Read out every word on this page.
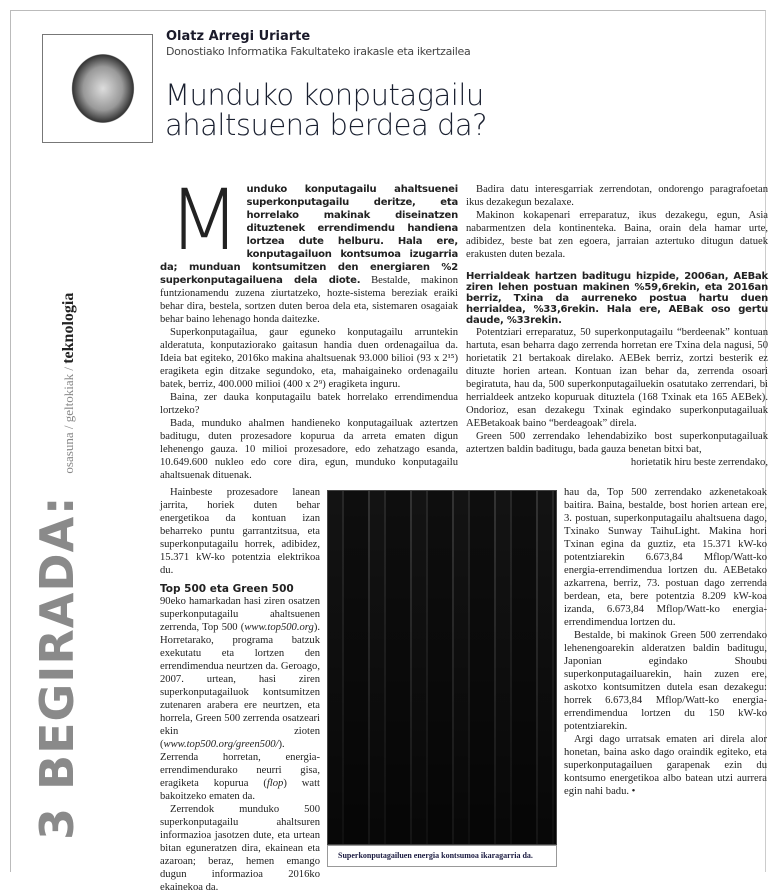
Olatz Arregi Uriarte
Donostiako Informatika Fakultateko irakasle eta ikertzailea
Munduko konputagailu
ahaltsuena berdea da?
3 BEGIRADA:
osasuna / geltokiak / teknologia

Munduko konputagailu ahaltsuenei superkonputagailu deritze, eta horrelako makinak diseinatzen dituztenek errendimendu handiena lortzea dute helburu. Hala ere, konputagailuon kontsumoa izugarria da; munduan kontsumitzen den energiaren %2 superkonputagailuena dela diote. Bestalde, makinon funtzionamendu zuzena ziurtatzeko, hozte-sistema bereziak eraiki behar dira, bestela, sortzen duten beroa dela eta, sistemaren osagaiak behar baino lehenago honda daitezke.

Superkonputagailua, gaur eguneko konputagailu arruntekin alderatuta, konputaziorako gaitasun handia duen ordenagailua da. Ideia bat egiteko, 2016ko makina ahaltsuenak 93.000 bilioi (93 x 2¹⁵) eragiketa egin ditzake segundoko, eta, mahaigaineko ordenagailu batek, berriz, 400.000 milioi (400 x 2⁹) eragiketa inguru.

Baina, zer dauka konputagailu batek horrelako errendimendua lortzeko?

Bada, munduko ahalmen handieneko konputagailuak aztertzen baditugu, duten prozesadore kopurua da arreta ematen digun lehenengo gauza. 10 milioi prozesadore, edo zehatzago esanda, 10.649.600 nukleo edo core dira, egun, munduko konputagailu ahaltsuenak dituenak.

Badira datu interesgarriak zerrendotan, ondorengo paragrafoetan ikus dezakegun bezalaxe.

Makinon kokapenari erreparatuz, ikus dezakegu, egun, Asia nabarmentzen dela kontinenteka. Baina, orain dela hamar urte, adibidez, beste bat zen egoera, jarraian aztertuko ditugun datuek erakusten duten bezala.

Herrialdeak hartzen baditugu hizpide, 2006an, AEBak ziren lehen postuan makinen %59,6rekin, eta 2016an berriz, Txina da aurreneko postua hartu duen herrialdea, %33,6rekin. Hala ere, AEBak oso gertu daude, %33rekin.

Potentziari erreparatuz, 50 superkonputagailu “berdeenak” kontuan hartuta, esan beharra dago zerrenda horretan ere Txina dela nagusi, 50 horietatik 21 bertakoak direlako. AEBek berriz, zortzi besterik ez dituzte horien artean. Kontuan izan behar da, zerrenda osoari begiratuta, hau da, 500 superkonputagailuekin osatutako zerrendari, bi herrialdeek antzeko kopuruak dituztela (168 Txinak eta 165 AEBek). Ondorioz, esan dezakegu Txinak egindako superkonputagailuak AEBetakoak baino “berdeagoak” direla.

Green 500 zerrendako lehendabiziko bost superkonputagailuak aztertzen baldin baditugu, bada gauza benetan bitxi bat,

horietatik hiru beste zerrendako,

Hainbeste prozesadore lanean jarrita, horiek duten behar energetikoa da kontuan izan beharreko puntu garrantzitsua, eta superkonputagailu horrek, adibidez, 15.371 kW-ko potentzia elektrikoa du.

Top 500 eta Green 500

90eko hamarkadan hasi ziren osatzen superkonputagailu ahaltsuenen zerrenda, Top 500 (www.top500.org). Horretarako, programa batzuk exekutatu eta lortzen den errendimendua neurtzen da. Geroago, 2007. urtean, hasi ziren superkonputagailuok kontsumitzen zutenaren arabera ere neurtzen, eta horrela, Green 500 zerrenda osatzeari ekin zioten (www.top500.org/green500/). Zerrenda horretan, energia-errendimendurako neurri gisa, eragiketa kopurua (flop) watt bakoitzeko ematen da.

Zerrendok munduko 500 superkonputagailu ahaltsuren informazioa jasotzen dute, eta urtean bitan eguneratzen dira, ekainean eta azaroan; beraz, hemen emango dugun informazioa 2016ko ekainekoa da.

Superkonputagailuen energia kontsumoa ikaragarria da.

hau da, Top 500 zerrendako azkenetakoak baitira. Baina, bestalde, bost horien artean ere, 3. postuan, superkonputagailu ahaltsuena dago, Txinako Sunway TaihuLight. Makina hori Txinan egina da guztiz, eta 15.371 kW-ko potentziarekin 6.673,84 Mflop/Watt-ko energia-errendimendua lortzen du. AEBetako azkarrena, berriz, 73. postuan dago zerrenda berdean, eta, bere potentzia 8.209 kW-koa izanda, 6.673,84 Mflop/Watt-ko energia-errendimendua lortzen du.

Bestalde, bi makinok Green 500 zerrendako lehenengoarekin alderatzen baldin baditugu, Japonian egindako Shoubu superkonputagailuarekin, hain zuzen ere, askotxo kontsumitzen dutela esan dezakegu: horrek 6.673,84 Mflop/Watt-ko energia-errendimendua lortzen du 150 kW-ko potentziarekin.

Argi dago urratsak ematen ari direla alor honetan, baina asko dago oraindik egiteko, eta superkonputagailuen garapenak ezin du kontsumo energetikoa albo batean utzi aurrera egin nahi badu. •
